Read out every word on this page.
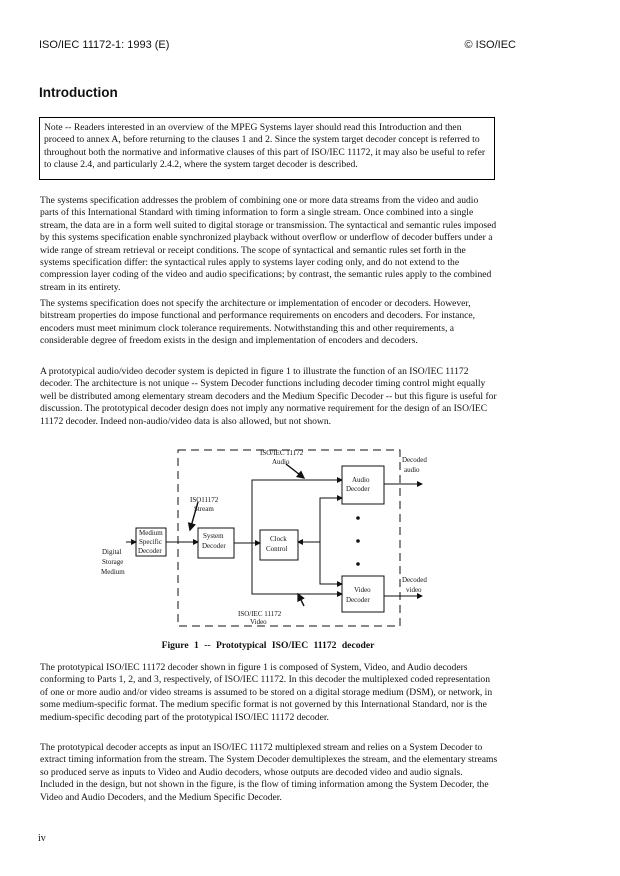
ISO/IEC 11172-1: 1993 (E)	© ISO/IEC
Introduction
Note -- Readers interested in an overview of the MPEG Systems layer should read this Introduction and then proceed to annex A, before returning to the clauses 1 and 2. Since the system target decoder concept is referred to throughout both the normative and informative clauses of this part of ISO/IEC 11172, it may also be useful to refer to clause 2.4, and particularly 2.4.2, where the system target decoder is described.

The systems specification addresses the problem of combining one or more data streams from the video and audio parts of this International Standard with timing information to form a single stream. Once combined into a single stream, the data are in a form well suited to digital storage or transmission. The syntactical and semantic rules imposed by this systems specification enable synchronized playback without overflow or underflow of decoder buffers under a wide range of stream retrieval or receipt conditions. The scope of syntactical and semantic rules set forth in the systems specification differ: the syntactical rules apply to systems layer coding only, and do not extend to the compression layer coding of the video and audio specifications; by contrast, the semantic rules apply to the combined stream in its entirety.

The systems specification does not specify the architecture or implementation of encoder or decoders. However, bitstream properties do impose functional and performance requirements on encoders and decoders. For instance, encoders must meet minimum clock tolerance requirements. Notwithstanding this and other requirements, a considerable degree of freedom exists in the design and implementation of encoders and decoders.

A prototypical audio/video decoder system is depicted in figure 1 to illustrate the function of an ISO/IEC 11172 decoder. The architecture is not unique -- System Decoder functions including decoder timing control might equally well be distributed among elementary stream decoders and the Medium Specific Decoder -- but this figure is useful for discussion. The prototypical decoder design does not imply any normative requirement for the design of an ISO/IEC 11172 decoder. Indeed non-audio/video data is also allowed, but not shown.

ISO/IEC 11172
Audio
Audio
Decoder
Decoded
audio
ISO11172
Stream
Medium
Specific
Decoder
System
Decoder
Clock
Control
Digital
Storage
Medium
Decoded
video
Video
Decoder
ISO/IEC 11172
Video
Figure 1 -- Prototypical ISO/IEC 11172 decoder

The prototypical ISO/IEC 11172 decoder shown in figure 1 is composed of System, Video, and Audio decoders conforming to Parts 1, 2, and 3, respectively, of ISO/IEC 11172. In this decoder the multiplexed coded representation of one or more audio and/or video streams is assumed to be stored on a digital storage medium (DSM), or network, in some medium-specific format. The medium specific format is not governed by this International Standard, nor is the medium-specific decoding part of the prototypical ISO/IEC 11172 decoder.

The prototypical decoder accepts as input an ISO/IEC 11172 multiplexed stream and relies on a System Decoder to extract timing information from the stream. The System Decoder demultiplexes the stream, and the elementary streams so produced serve as inputs to Video and Audio decoders, whose outputs are decoded video and audio signals. Included in the design, but not shown in the figure, is the flow of timing information among the System Decoder, the Video and Audio Decoders, and the Medium Specific Decoder.

iv
